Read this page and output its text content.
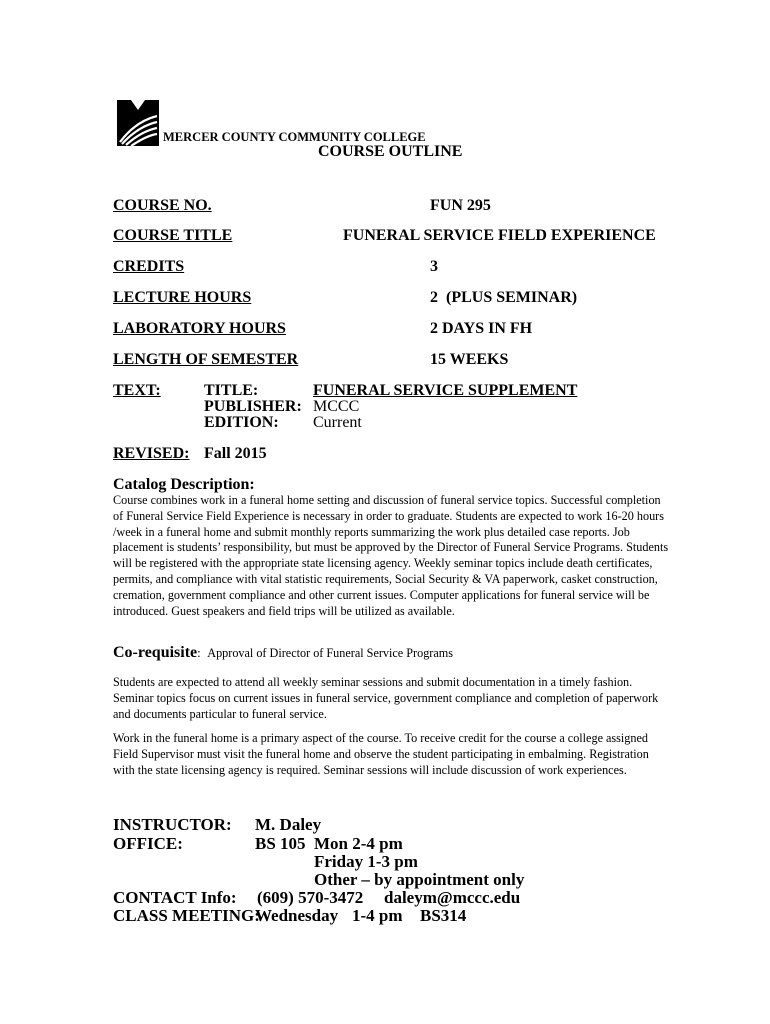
MERCER COUNTY COMMUNITY COLLEGE
COURSE OUTLINE
COURSE NO.	FUN 295
COURSE TITLE	FUNERAL SERVICE FIELD EXPERIENCE
CREDITS	3
LECTURE HOURS	2  (PLUS SEMINAR)
LABORATORY HOURS	2 DAYS IN FH
LENGTH OF SEMESTER	15 WEEKS
TEXT:	TITLE:	FUNERAL SERVICE SUPPLEMENT
PUBLISHER: MCCC
EDITION: Current
REVISED: Fall 2015
Catalog Description:
Course combines work in a funeral home setting and discussion of funeral service topics. Successful completion of Funeral Service Field Experience is necessary in order to graduate. Students are expected to work 16-20 hours /week in a funeral home and submit monthly reports summarizing the work plus detailed case reports. Job placement is students’ responsibility, but must be approved by the Director of Funeral Service Programs. Students will be registered with the appropriate state licensing agency. Weekly seminar topics include death certificates, permits, and compliance with vital statistic requirements, Social Security & VA paperwork, casket construction, cremation, government compliance and other current issues. Computer applications for funeral service will be introduced. Guest speakers and field trips will be utilized as available.
Co-requisite:  Approval of Director of Funeral Service Programs
Students are expected to attend all weekly seminar sessions and submit documentation in a timely fashion. Seminar topics focus on current issues in funeral service, government compliance and completion of paperwork and documents particular to funeral service.
Work in the funeral home is a primary aspect of the course. To receive credit for the course a college assigned Field Supervisor must visit the funeral home and observe the student participating in embalming. Registration with the state licensing agency is required. Seminar sessions will include discussion of work experiences.
INSTRUCTOR: M. Daley
OFFICE:	BS 105 Mon 2-4 pm
Friday 1-3 pm
Other – by appointment only
CONTACT Info: (609) 570-3472 daleym@mccc.edu
CLASS MEETING:
Wednesday 1-4 pm BS314
